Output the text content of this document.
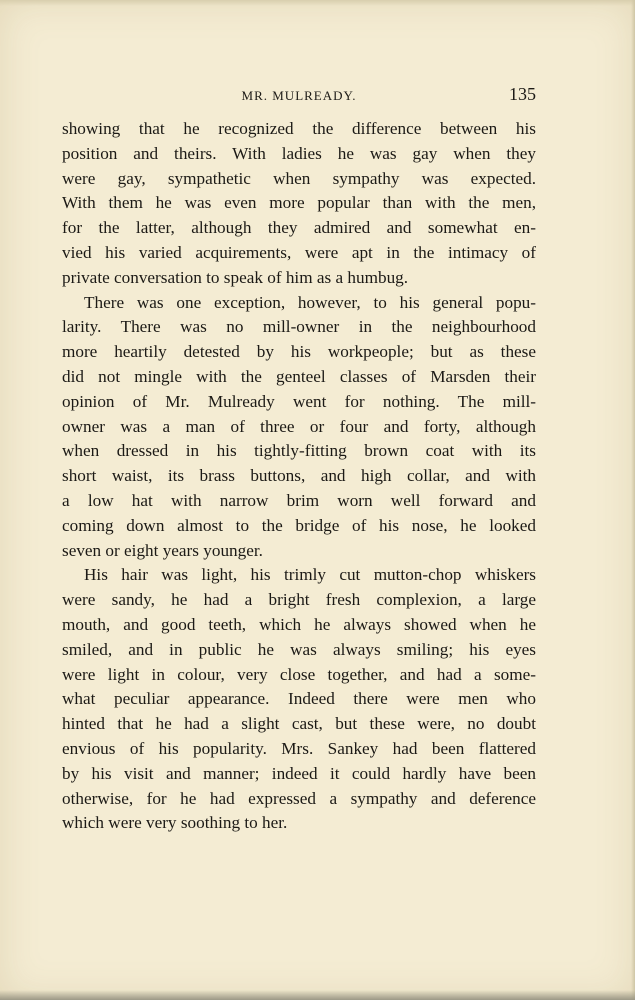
MR. MULREADY.	135
showing that he recognized the difference between his
position and theirs. With ladies he was gay when they
were gay, sympathetic when sympathy was expected.
With them he was even more popular than with the men,
for the latter, although they admired and somewhat en-
vied his varied acquirements, were apt in the intimacy of
private conversation to speak of him as a humbug.
There was one exception, however, to his general popu-
larity. There was no mill-owner in the neighbourhood
more heartily detested by his workpeople; but as these
did not mingle with the genteel classes of Marsden their
opinion of Mr. Mulready went for nothing. The mill-
owner was a man of three or four and forty, although
when dressed in his tightly-fitting brown coat with its
short waist, its brass buttons, and high collar, and with
a low hat with narrow brim worn well forward and
coming down almost to the bridge of his nose, he looked
seven or eight years younger.
His hair was light, his trimly cut mutton-chop whiskers
were sandy, he had a bright fresh complexion, a large
mouth, and good teeth, which he always showed when he
smiled, and in public he was always smiling; his eyes
were light in colour, very close together, and had a some-
what peculiar appearance. Indeed there were men who
hinted that he had a slight cast, but these were, no doubt
envious of his popularity. Mrs. Sankey had been flattered
by his visit and manner; indeed it could hardly have been
otherwise, for he had expressed a sympathy and deference
which were very soothing to her.
